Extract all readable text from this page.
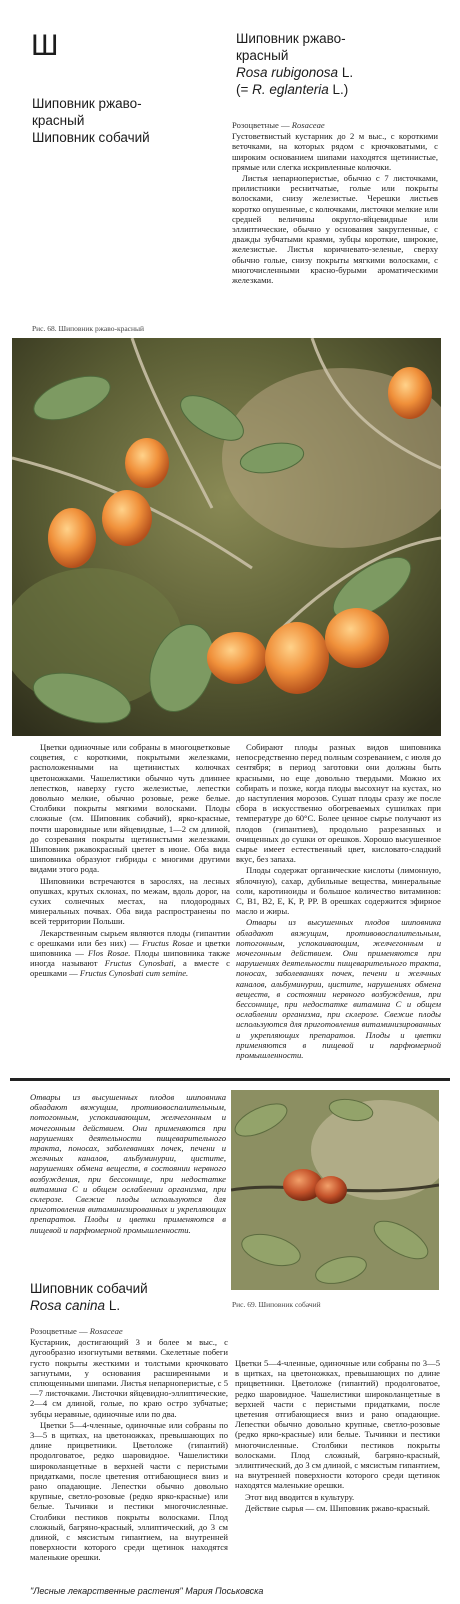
Ш
Шиповник ржаво-
красный
Шиповник собачий
Шиповник ржаво-
красный
Rosa rubigonosa L.
(= R. eglanteria L.)
Рис. 68. Шиповник ржаво-красный

Розоцветные — Rosaceae

Густоветвистый кустарник до 2 м выс., с короткими веточками, на которых рядом с крючковатыми, с широким основанием шипами находятся щетинистые, прямые или слегка искривленные колючки.

Листья непарноперистые, обычно с 7 листочками, прилистники реснитчатые, голые или покрыты волосками, снизу железистые. Черешки листьев коротко опушенные, с колючками, листочки мелкие или средней величины округло-яйцевидные или эллиптические, обычно у основания закругленные, с дважды зубчатыми краями, зубцы короткие, широкие, железистые. Листья коричневато-зеленые, сверху обычно голые, снизу покрыты мягкими волосками, с многочисленными красно-бурыми ароматическими железками.

Цветки одиночные или собраны в многоцветковые соцветия, с короткими, покрытыми железками, расположенными на щетинистых колючках цветоножками. Чашелистики обычно чуть длиннее лепестков, наверху густо железистые, лепестки довольно мелкие, обычно розовые, реже белые. Столбики покрыты мягкими волосками. Плоды сложные (см. Шиповник собачий), ярко-красные, почти шаровидные или яйцевидные, 1—2 см длиной, до созревания покрыты щетинистыми железками. Шиповник ржавокрасный цветет в июне. Оба вида шиповника образуют гибриды с многими другими видами этого рода.

Шиповники встречаются в зарослях, на лесных опушках, крутых склонах, по межам, вдоль дорог, на сухих солнечных местах, на плодородных минеральных почвах. Оба вида распространены по всей территории Польши.

Лекарственным сырьем являются плоды (гипантии с орешками или без них) — Fructus Rosae и цветки шиповника — Flos Rosae. Плоды шиповника также иногда называют Fructus Cynosbati, а вместе с орешками — Fructus Cynosbati cum semine.

Собирают плоды разных видов шиповника непосредственно перед полным созреванием, с июля до сентября; в период заготовки они должны быть красными, но еще довольно твердыми. Можно их собирать и позже, когда плоды высохнут на кустах, но до наступления морозов. Сушат плоды сразу же после сбора в искусственно обогреваемых сушилках при температуре до 60°С. Более ценное сырье получают из плодов (гипантиев), продольно разрезанных и очищенных до сушки от орешков. Хорошо высушенное сырье имеет естественный цвет, кисловато-сладкий вкус, без запаха.

Плоды содержат органические кислоты (лимонную, яблочную), сахар, дубильные вещества, минеральные соли, каротиноиды и большое количество витаминов: С, В1, В2, Е, К, Р, РР. В орешках содержится эфирное масло и жиры.

Отвары из высушенных плодов шиповника обладают вяжущим, противовоспалительным, потогонным, успокаивающим, желчегонным и мочегонным действием. Они применяются при нарушениях деятельности пищеварительного тракта, поносах, заболеваниях почек, печени и желчных каналов, альбуминурии, цистите, нарушениях обмена веществ, в состоянии нервного возбуждения, при бессоннице, при недостатке витамина С и общем ослаблении организма, при склерозе. Свежие плоды используются для приготовления витаминизированных и укрепляющих препаратов. Плоды и цветки применяются в пищевой и парфюмерной промышленности.

Отвары из высушенных плодов шиповника обладают вяжущим, противовоспалительным, потогонным, успокаивающим, желчегонным и мочегонным действием. Они применяются при нарушениях деятельности пищеварительного тракта, поносах, заболеваниях почек, печени и желчных каналов, альбуминурии, цистите, нарушениях обмена веществ, в состоянии нервного возбуждения, при бессоннице, при недостатке витамина С и общем ослаблении организма, при склерозе. Свежие плоды используются для приготовления витаминизированных и укрепляющих препаратов. Плоды и цветки применяются в пищевой и парфюмерной промышленности.

Шиповник собачий
Rosa canina L.	Рис. 69. Шиповник собачий

Розоцветные — Rosaceae

Кустарник, достигающий 3 и более м выс., с дугообразно изогнутыми ветвями. Скелетные побеги густо покрыты жесткими и толстыми крючковато загнутыми, у основания расширенными и сплющенными шипами. Листья непарноперистые, с 5—7 листочками. Листочки яйцевидно-эллиптические, 2—4 см длиной, голые, по краю остро зубчатые; зубцы неравные, одиночные или по два.

Цветки 5—4-членные, одиночные или собраны по 3—5 в щитках, на цветоножках, превышающих по длине прицветники. Цветоложе (гипантий) продолговатое, редко шаровидное. Чашелистики широколанцетные в верхней части с перистыми придатками, после цветения отгибающиеся вниз и рано опадающие. Лепестки обычно довольно крупные, светло-розовые (редко ярко-красные) или белые. Тычинки и пестики многочисленные. Столбики пестиков покрыты волосками. Плод сложный, багряно-красный, эллиптический, до 3 см длиной, с мясистым гипантием, на внутренней поверхности которого среди щетинок находятся маленькие орешки.

Цветки 5—4-членные, одиночные или собраны по 3—5 в щитках, на цветоножках, превышающих по длине прицветники. Цветоложе (гипантий) продолговатое, редко шаровидное. Чашелистики широколанцетные в верхней части с перистыми придатками, после цветения отгибающиеся вниз и рано опадающие. Лепестки обычно довольно крупные, светло-розовые (редко ярко-красные) или белые. Тычинки и пестики многочисленные. Столбики пестиков покрыты волосками. Плод сложный, багряно-красный, эллиптический, до 3 см длиной, с мясистым гипантием, на внутренней поверхности которого среди щетинок находятся маленькие орешки.

Этот вид вводится в культуру.

Действие сырья — см. Шиповник ржаво-красный.

"Лесные лекарственные растения" Мария Поськовска
